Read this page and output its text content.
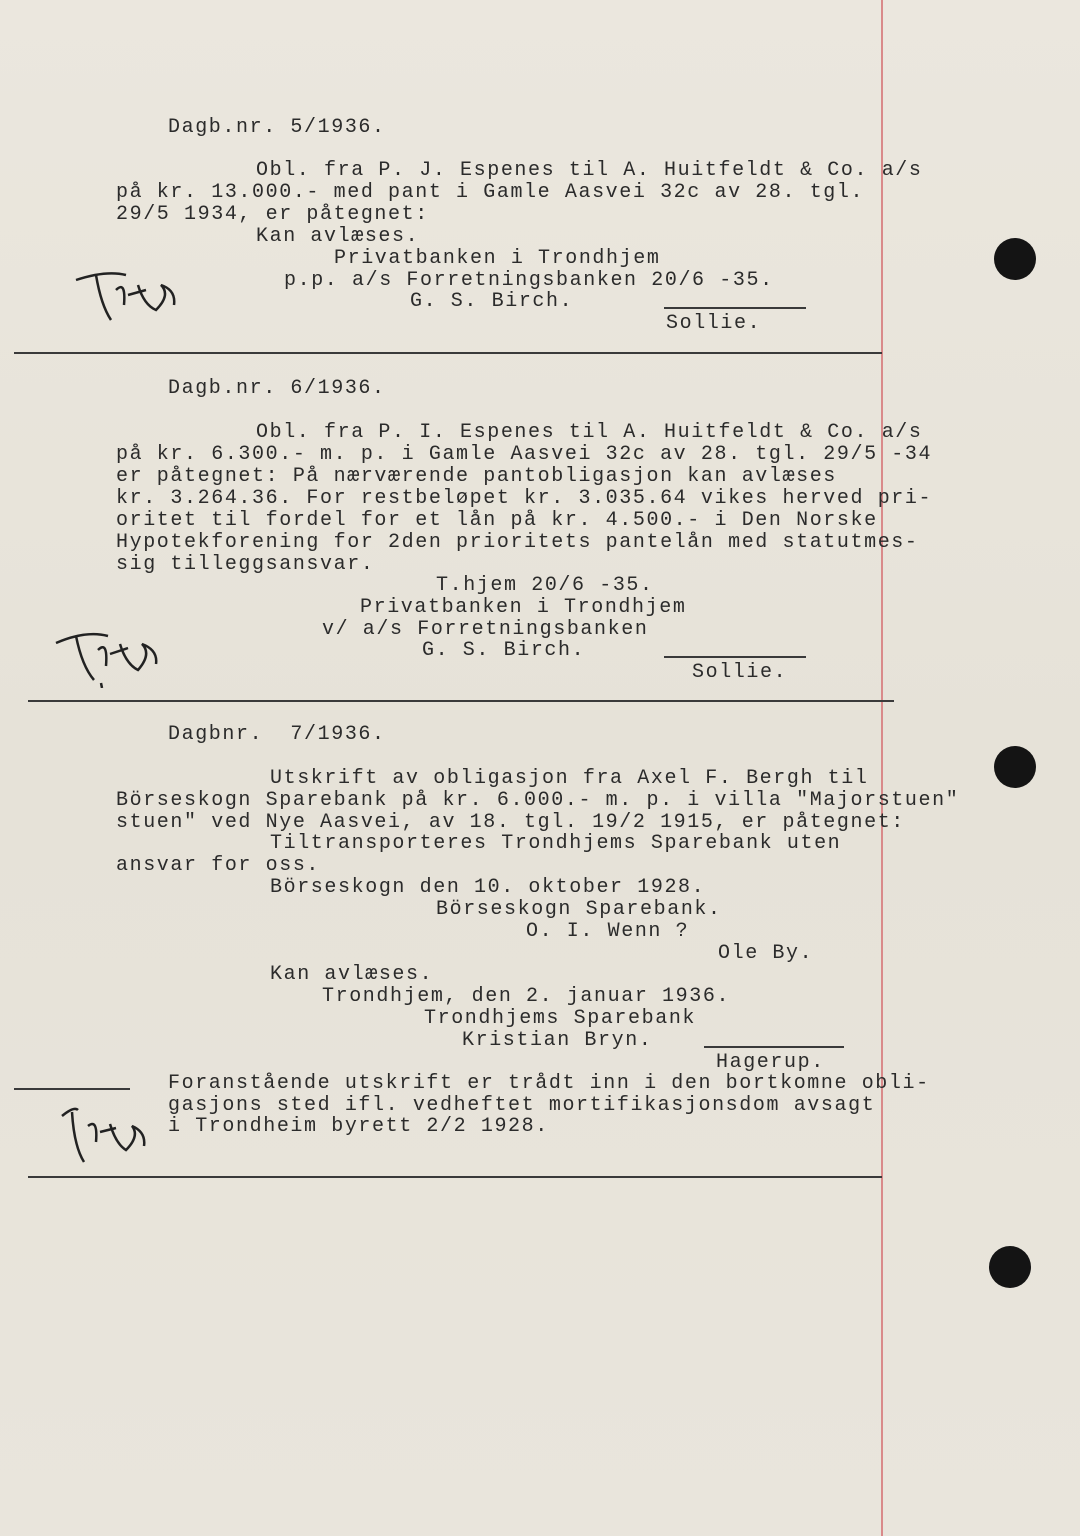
Dagb.nr. 5/1936.
Obl. fra P. J. Espenes til A. Huitfeldt & Co. a/s
på kr. 13.000.- med pant i Gamle Aasvei 32c av 28. tgl.
29/5 1934, er påtegnet:
Kan avlæses.
Privatbanken i Trondhjem
p.p. a/s Forretningsbanken 20/6 -35.
G. S. Birch.
Sollie.
Dagb.nr. 6/1936.
Obl. fra P. I. Espenes til A. Huitfeldt & Co. a/s
på kr. 6.300.- m. p. i Gamle Aasvei 32c av 28. tgl. 29/5 -34
er påtegnet: På nærværende pantobligasjon kan avlæses
kr. 3.264.36. For restbeløpet kr. 3.035.64 vikes herved pri-
oritet til fordel for et lån på kr. 4.500.- i Den Norske
Hypotekforening for 2den prioritets pantelån med statutmes-
sig tilleggsansvar.
T.hjem 20/6 -35.
Privatbanken i Trondhjem
v/ a/s Forretningsbanken
G. S. Birch.
Sollie.
Dagbnr.  7/1936.
Utskrift av obligasjon fra Axel F. Bergh til
Börseskogn Sparebank på kr. 6.000.- m. p. i villa "Majorstuen"
stuen" ved Nye Aasvei, av 18. tgl. 19/2 1915, er påtegnet:
Tiltransporteres Trondhjems Sparebank uten
ansvar for oss.
Börseskogn den 10. oktober 1928.
Börseskogn Sparebank.
O. I. Wenn ?
Ole By.
Kan avlæses.
Trondhjem, den 2. januar 1936.
Trondhjems Sparebank
Kristian Bryn.
Hagerup.
Foranstående utskrift er trådt inn i den bortkomne obli-
gasjons sted ifl. vedheftet mortifikasjonsdom avsagt
i Trondheim byrett 2/2 1928.
